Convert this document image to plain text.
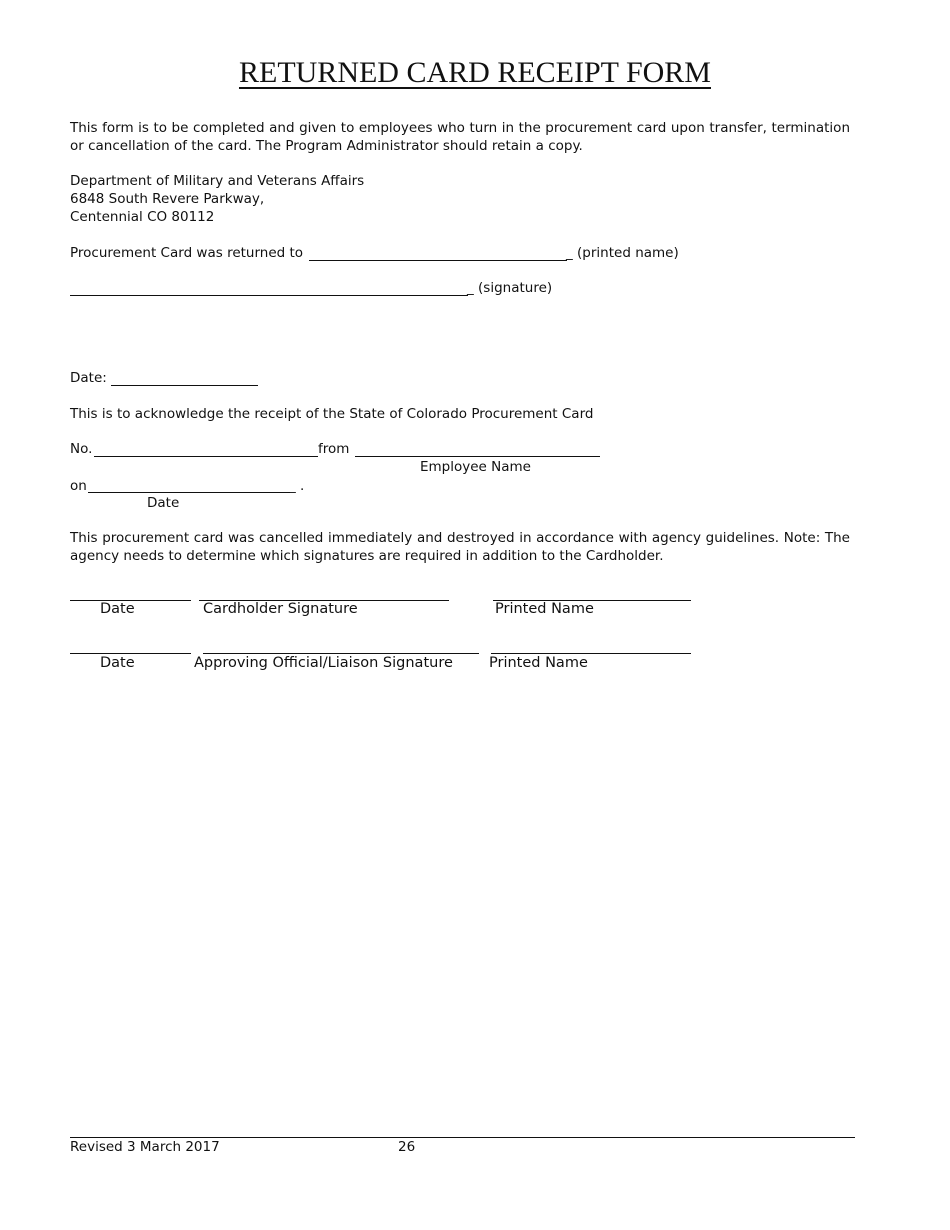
RETURNED CARD RECEIPT FORM
This form is to be completed and given to employees who turn in the procurement card upon transfer, termination or cancellation of the card. The Program Administrator should retain a copy.
Department of Military and Veterans Affairs
6848 South Revere Parkway,
Centennial CO 80112
Procurement Card was returned to	_ (printed name)
_ (signature)
Date:
This is to acknowledge the receipt of the State of Colorado Procurement Card
No.	from
Employee Name
on	_ .
Date
This procurement card was cancelled immediately and destroyed in accordance with agency guidelines. Note: The agency needs to determine which signatures are required in addition to the Cardholder.
Date	Cardholder Signature	Printed Name
Date	Approving Official/Liaison Signature Printed Name
Revised 3 March 2017	26
